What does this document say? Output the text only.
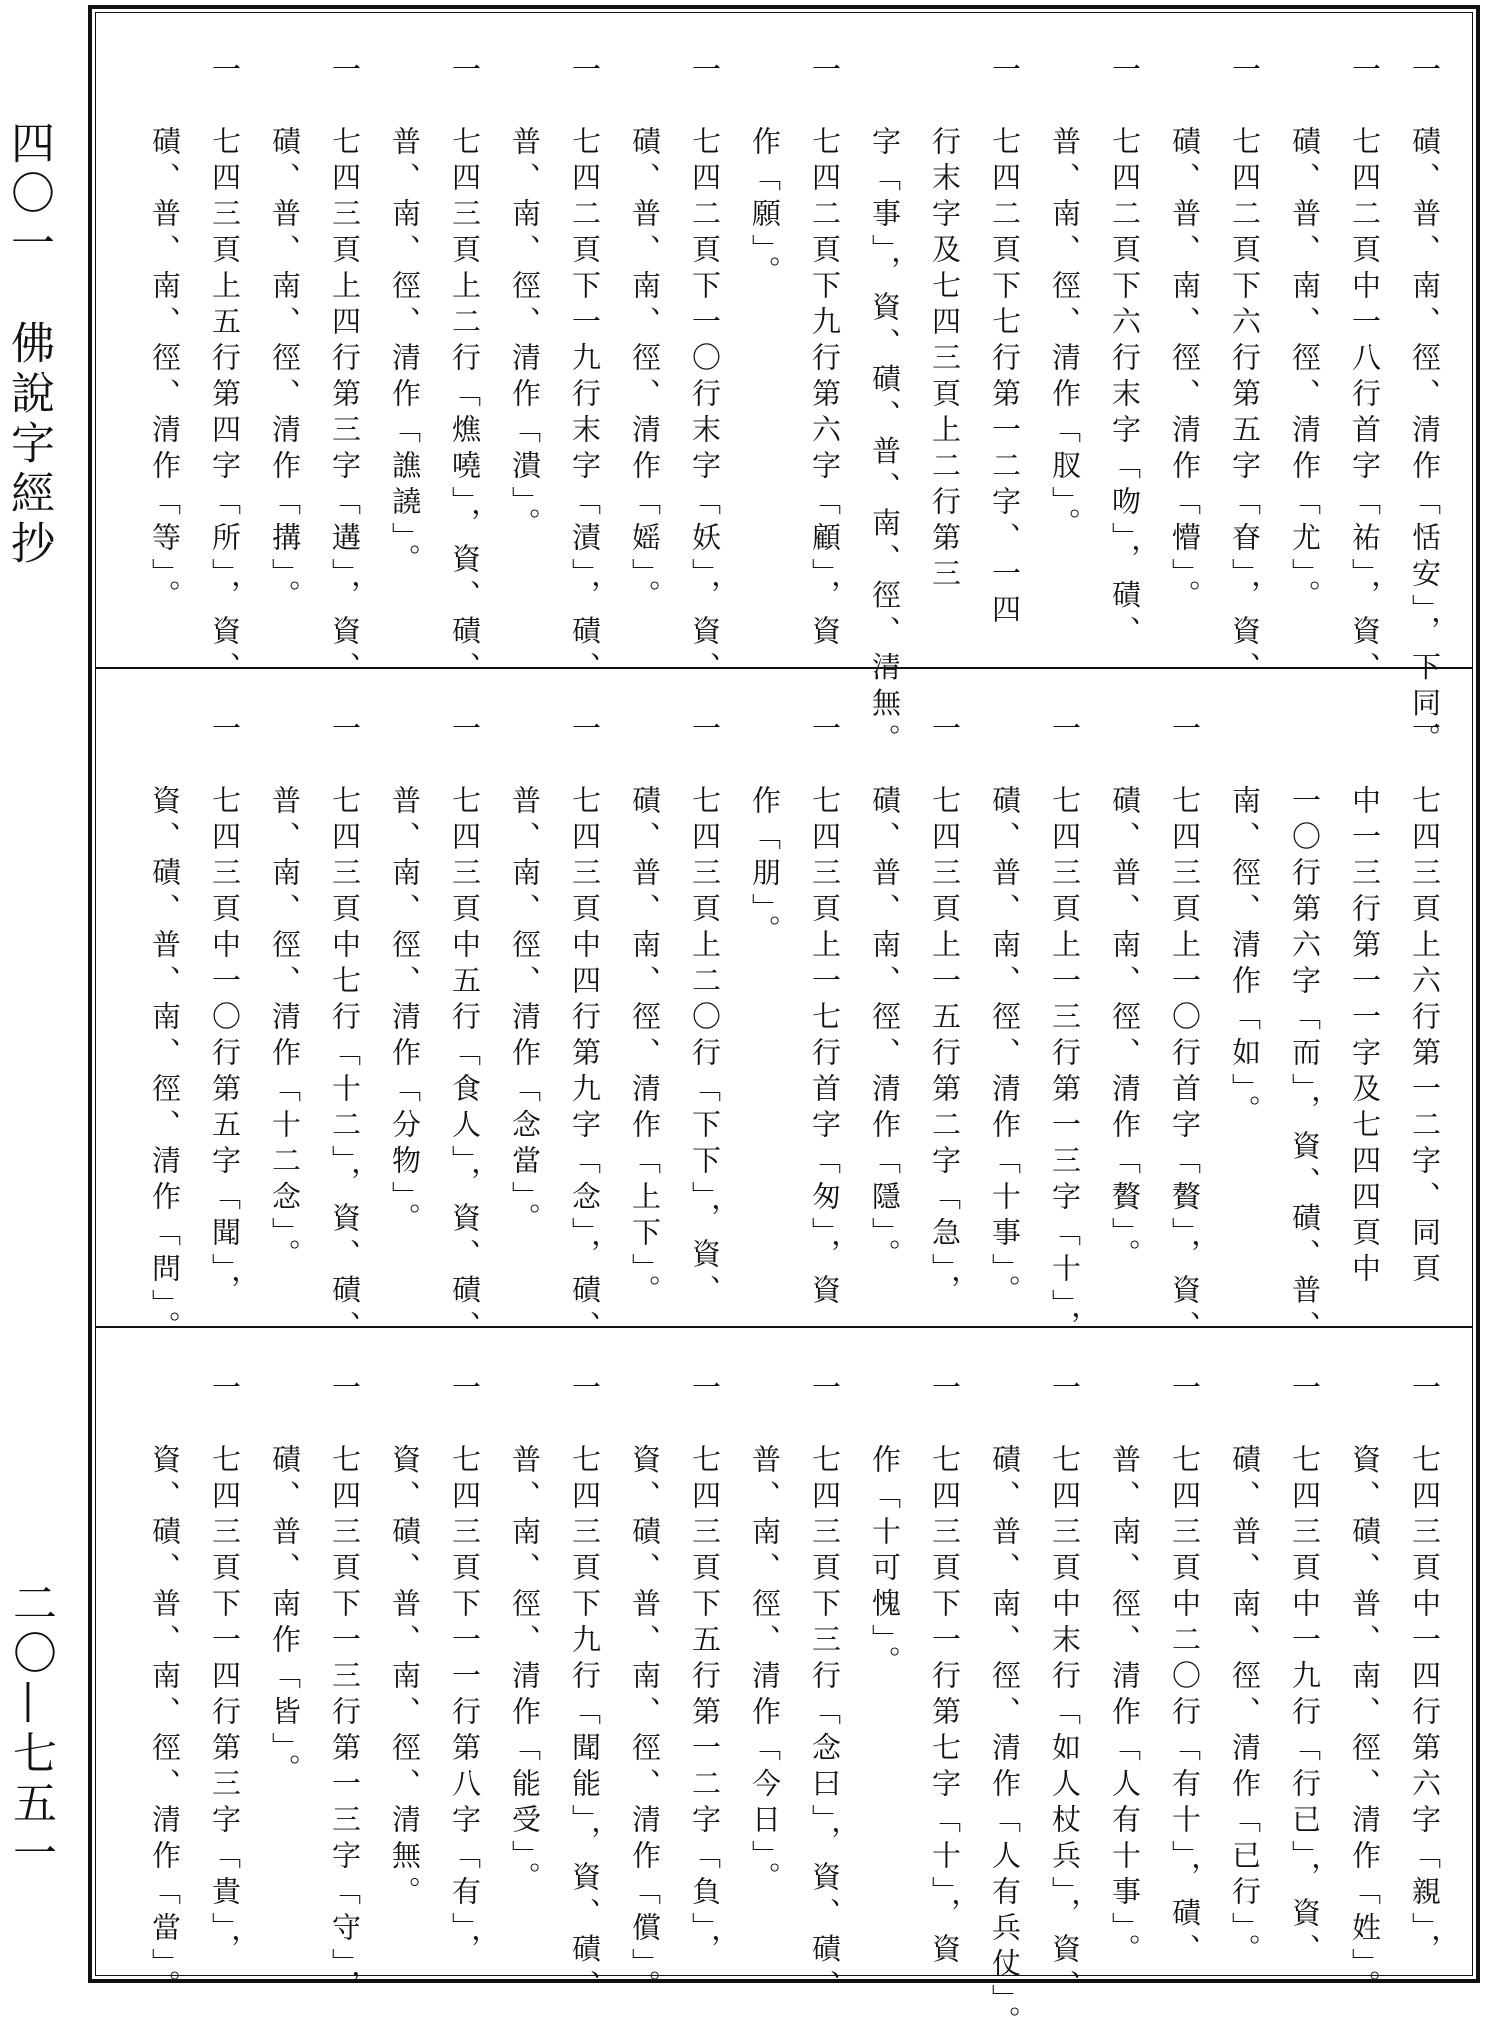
四〇一　佛說字經抄
二〇—七五一
一　磧、普、南、徑、清作「恬安」，下同。
一　七四二頁中一八行首字「祐」，資、
　　磧、普、南、徑、清作「尤」。
一　七四二頁下六行第五字「眘」，資、
　　磧、普、南、徑、清作「懵」。
一　七四二頁下六行末字「吻」，磧、
　　普、南、徑、清作「肞」。
一　七四二頁下七行第一二字、一四
　　行末字及七四三頁上二行第三
　　字「事」，資、磧、普、南、徑、清無。
一　七四二頁下九行第六字「顧」，資
　　作「願」。
一　七四二頁下一〇行末字「妖」，資、
　　磧、普、南、徑、清作「媱」。
一　七四二頁下一九行末字「漬」，磧、
　　普、南、徑、清作「潰」。
一　七四三頁上二行「燋嘵」，資、磧、
　　普、南、徑、清作「譙譊」。
一　七四三頁上四行第三字「遘」，資、
　　磧、普、南、徑、清作「搆」。
一　七四三頁上五行第四字「所」，資、
　　磧、普、南、徑、清作「等」。
一　七四三頁上六行第一二字、同頁
　　中一三行第一一字及七四四頁中
　　一〇行第六字「而」，資、磧、普、
　　南、徑、清作「如」。
一　七四三頁上一〇行首字「贅」，資、
　　磧、普、南、徑、清作「贅」。
一　七四三頁上一三行第一三字「十」，
　　磧、普、南、徑、清作「十事」。
一　七四三頁上一五行第二字「急」，
　　磧、普、南、徑、清作「隱」。
一　七四三頁上一七行首字「匆」，資
　　作「朋」。
一　七四三頁上二〇行「下下」，資、
　　磧、普、南、徑、清作「上下」。
一　七四三頁中四行第九字「念」，磧、
　　普、南、徑、清作「念當」。
一　七四三頁中五行「食人」，資、磧、
　　普、南、徑、清作「分物」。
一　七四三頁中七行「十二」，資、磧、
　　普、南、徑、清作「十二念」。
一　七四三頁中一〇行第五字「聞」，
　　資、磧、普、南、徑、清作「問」。
一　七四三頁中一四行第六字「親」，
　　資、磧、普、南、徑、清作「姓」。
一　七四三頁中一九行「行已」，資、
　　磧、普、南、徑、清作「已行」。
一　七四三頁中二〇行「有十」，磧、
　　普、南、徑、清作「人有十事」。
一　七四三頁中末行「如人杖兵」，資、
　　磧、普、南、徑、清作「人有兵仗」。
一　七四三頁下一行第七字「十」，資
　　作「十可愧」。
一　七四三頁下三行「念曰」，資、磧、
　　普、南、徑、清作「今日」。
一　七四三頁下五行第一二字「負」，
　　資、磧、普、南、徑、清作「償」。
一　七四三頁下九行「聞能」，資、磧、
　　普、南、徑、清作「能受」。
一　七四三頁下一一行第八字「有」，
　　資、磧、普、南、徑、清無。
一　七四三頁下一三行第一三字「守」，
　　磧、普、南作「皆」。
一　七四三頁下一四行第三字「貴」，
　　資、磧、普、南、徑、清作「當」。
